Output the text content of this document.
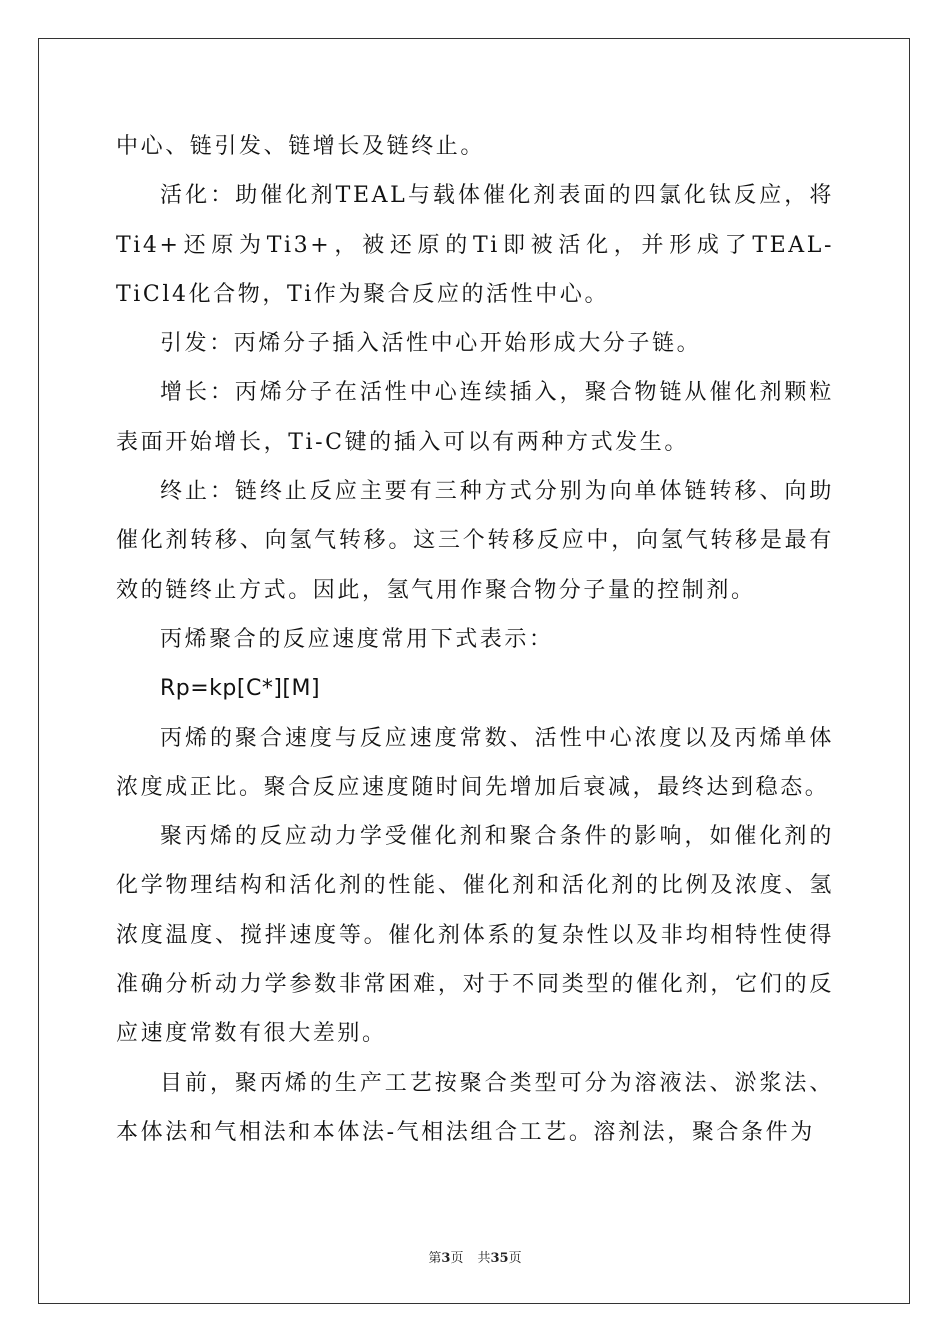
中心、链引发、链增长及链终止。

活化：助催化剂TEAL与载体催化剂表面的四氯化钛反应，将Ti4+还原为Ti3+，被还原的Ti即被活化，并形成了TEAL-TiCl4化合物，Ti作为聚合反应的活性中心。

引发：丙烯分子插入活性中心开始形成大分子链。

增长：丙烯分子在活性中心连续插入，聚合物链从催化剂颗粒表面开始增长，Ti-C键的插入可以有两种方式发生。

终止：链终止反应主要有三种方式分别为向单体链转移、向助催化剂转移、向氢气转移。这三个转移反应中，向氢气转移是最有效的链终止方式。因此，氢气用作聚合物分子量的控制剂。

丙烯聚合的反应速度常用下式表示：

Rp=kp[C*][M]

丙烯的聚合速度与反应速度常数、活性中心浓度以及丙烯单体浓度成正比。聚合反应速度随时间先增加后衰减，最终达到稳态。

聚丙烯的反应动力学受催化剂和聚合条件的影响，如催化剂的化学物理结构和活化剂的性能、催化剂和活化剂的比例及浓度、氢浓度温度、搅拌速度等。催化剂体系的复杂性以及非均相特性使得准确分析动力学参数非常困难，对于不同类型的催化剂，它们的反应速度常数有很大差别。

目前，聚丙烯的生产工艺按聚合类型可分为溶液法、淤浆法、本体法和气相法和本体法-气相法组合工艺。溶剂法，聚合条件为

第3页 共35页
